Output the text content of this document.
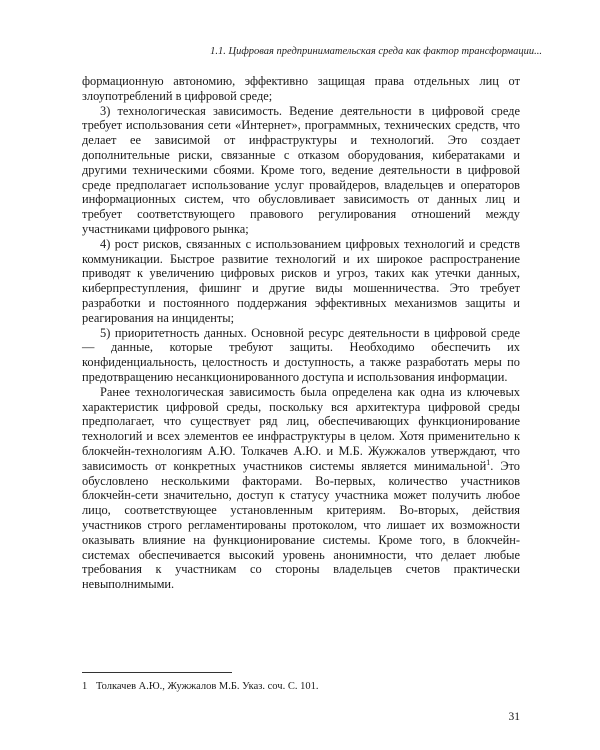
1.1. Цифровая предпринимательская среда как фактор трансформации...

формационную автономию, эффективно защищая права отдельных лиц от злоупотреблений в цифровой среде;

3) технологическая зависимость. Ведение деятельности в цифровой среде требует использования сети «Интернет», программных, технических средств, что делает ее зависимой от инфраструктуры и технологий. Это создает дополнительные риски, связанные с отказом оборудования, кибератаками и другими техническими сбоями. Кроме того, ведение деятельности в цифровой среде предполагает использование услуг провайдеров, владельцев и операторов информационных систем, что обусловливает зависимость от данных лиц и требует соответствующего правового регулирования отношений между участниками цифрового рынка;

4) рост рисков, связанных с использованием цифровых технологий и средств коммуникации. Быстрое развитие технологий и их широкое распространение приводят к увеличению цифровых рисков и угроз, таких как утечки данных, киберпреступления, фишинг и другие виды мошенничества. Это требует разработки и постоянного поддержания эффективных механизмов защиты и реагирования на инциденты;

5) приоритетность данных. Основной ресурс деятельности в цифровой среде — данные, которые требуют защиты. Необходимо обеспечить их конфиденциальность, целостность и доступность, а также разработать меры по предотвращению несанкционированного доступа и использования информации.

Ранее технологическая зависимость была определена как одна из ключевых характеристик цифровой среды, поскольку вся архитектура цифровой среды предполагает, что существует ряд лиц, обеспечивающих функционирование технологий и всех элементов ее инфраструктуры в целом. Хотя применительно к блокчейн-технологиям А.Ю. Толкачев А.Ю. и М.Б. Жужжалов утверждают, что зависимость от конкретных участников системы является минимальной$^1$. Это обусловлено несколькими факторами. Во-первых, количество участников блокчейн-сети значительно, доступ к статусу участника может получить любое лицо, соответствующее установленным критериям. Во-вторых, действия участников строго регламентированы протоколом, что лишает их возможности оказывать влияние на функционирование системы. Кроме того, в блокчейн-системах обеспечивается высокий уровень анонимности, что делает любые требования к участникам со стороны владельцев счетов практически невыполнимыми.

1 Толкачев А.Ю., Жужжалов М.Б. Указ. соч. С. 101.
31
